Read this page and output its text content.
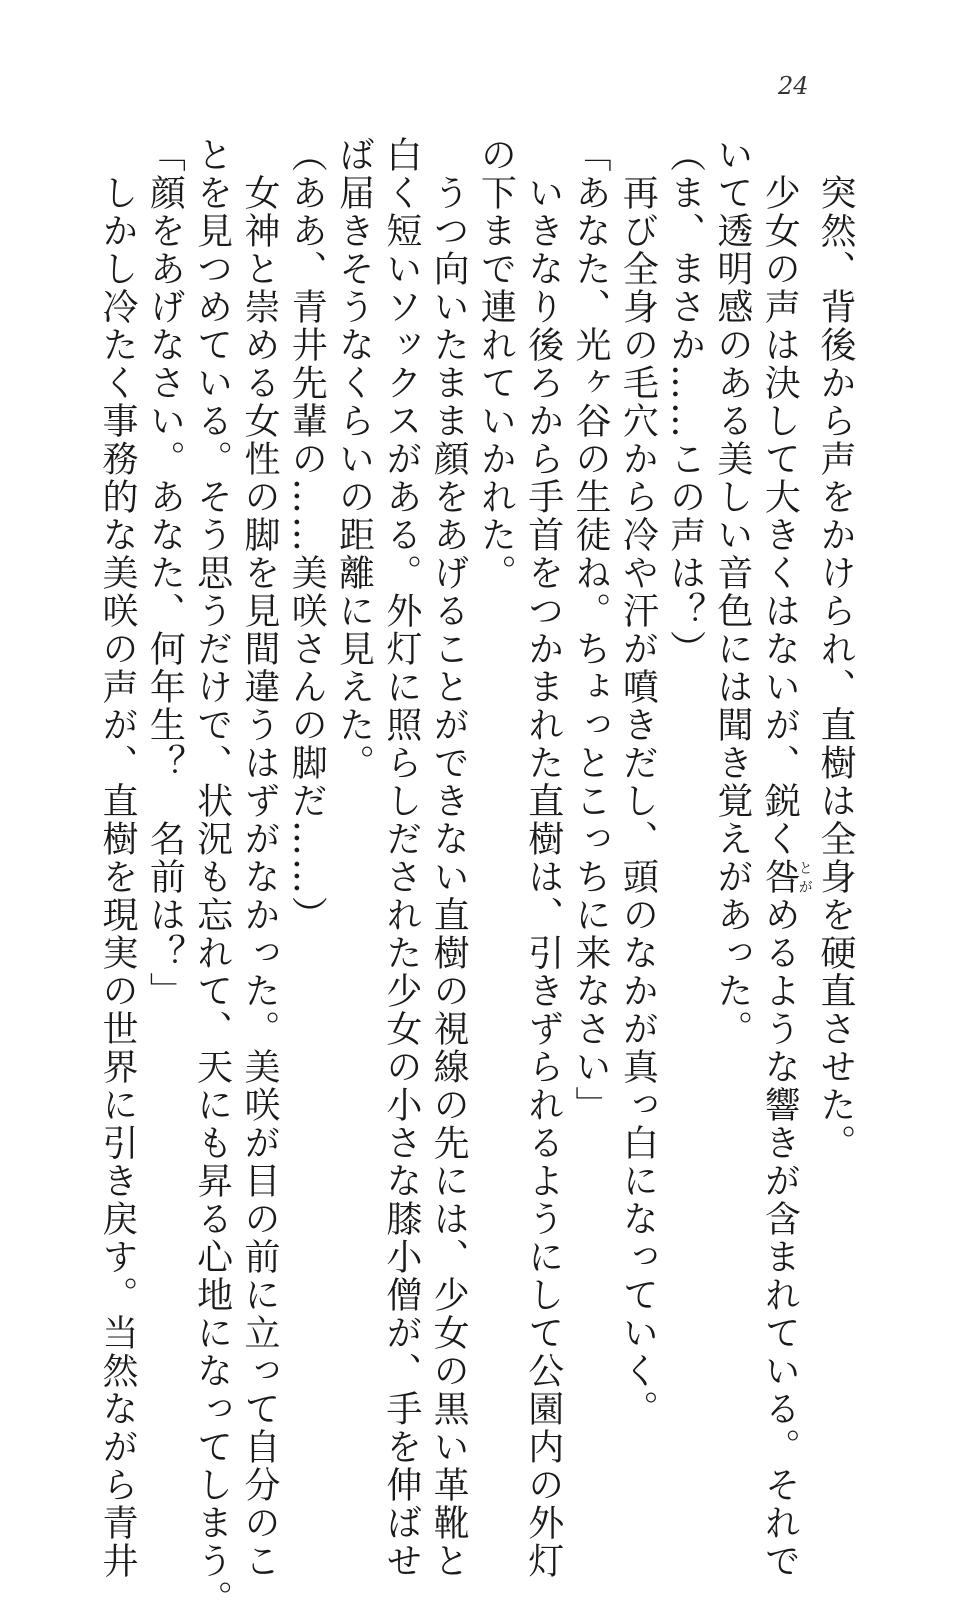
24
　突然、背後から声をかけられ、直樹は全身を硬直させた。
　少女の声は決して大きくはないが、鋭く咎とがめるような響きが含まれている。それで
いて透明感のある美しい音色には聞き覚えがあった。
（ま、まさか……この声は？）
　再び全身の毛穴から冷や汗が噴きだし、頭のなかが真っ白になっていく。
「あなた、光ヶ谷の生徒ね。ちょっとこっちに来なさい」
　いきなり後ろから手首をつかまれた直樹は、引きずられるようにして公園内の外灯
の下まで連れていかれた。
　うつ向いたまま顔をあげることができない直樹の視線の先には、少女の黒い革靴と
白く短いソックスがある。外灯に照らしだされた少女の小さな膝小僧が、手を伸ばせ
ば届きそうなくらいの距離に見えた。
（ああ、青井先輩の……美咲さんの脚だ……）
　女神と崇める女性の脚を見間違うはずがなかった。美咲が目の前に立って自分のこ
とを見つめている。そう思うだけで、状況も忘れて、天にも昇る心地になってしまう。
「顔をあげなさい。あなた、何年生？　名前は？」
　しかし冷たく事務的な美咲の声が、直樹を現実の世界に引き戻す。当然ながら青井
